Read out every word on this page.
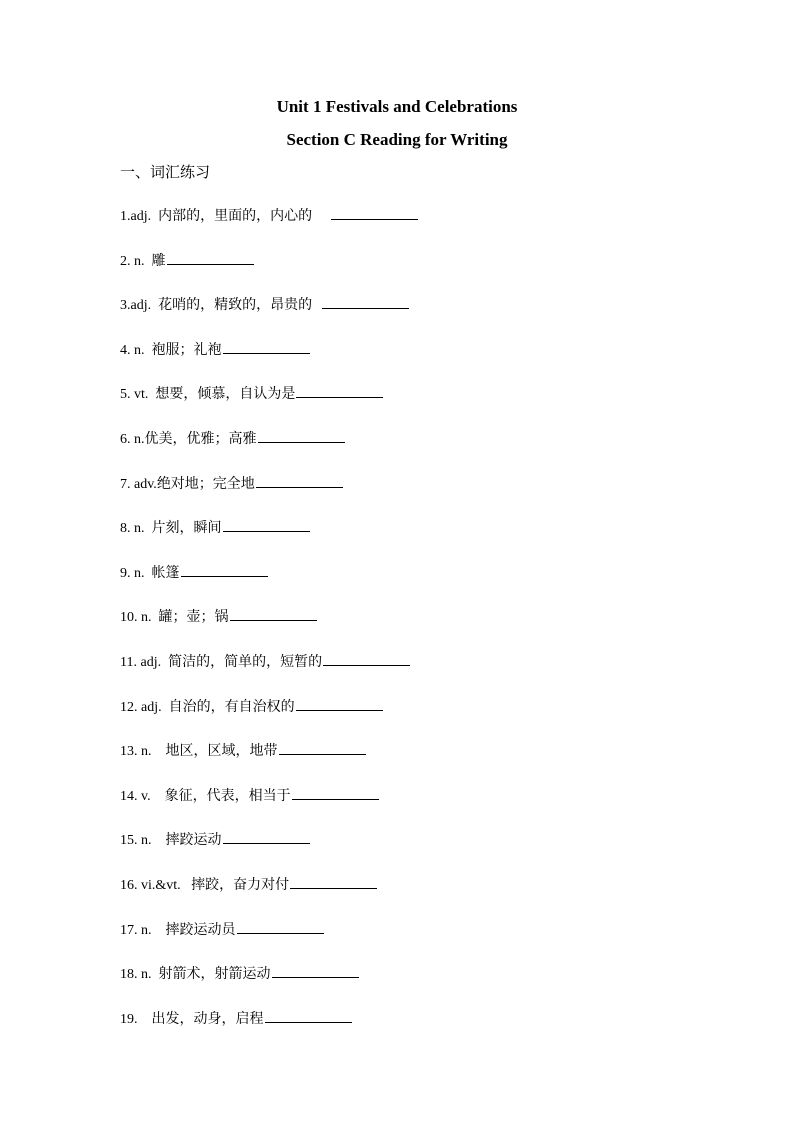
Unit 1 Festivals and Celebrations
Section C Reading for Writing
一、词汇练习
1.adj.  内部的，里面的，内心的
2. n.  雕
3.adj.  花哨的，精致的，昂贵的
4. n.  袍服；礼袍
5. vt.  想要，倾慕，自认为是
6. n.优美，优雅；高雅
7. adv.绝对地；完全地
8. n.  片刻，瞬间
9. n.  帐篷
10. n.  罐；壶；锅
11. adj.  简洁的，简单的，短暂的
12. adj.  自治的，有自治权的
13. n.    地区，区域，地带
14. v.    象征，代表，相当于
15. n.    摔跤运动
16. vi.&vt.   摔跤，奋力对付
17. n.    摔跤运动员
18. n.  射箭术，射箭运动
19.    出发，动身，启程
